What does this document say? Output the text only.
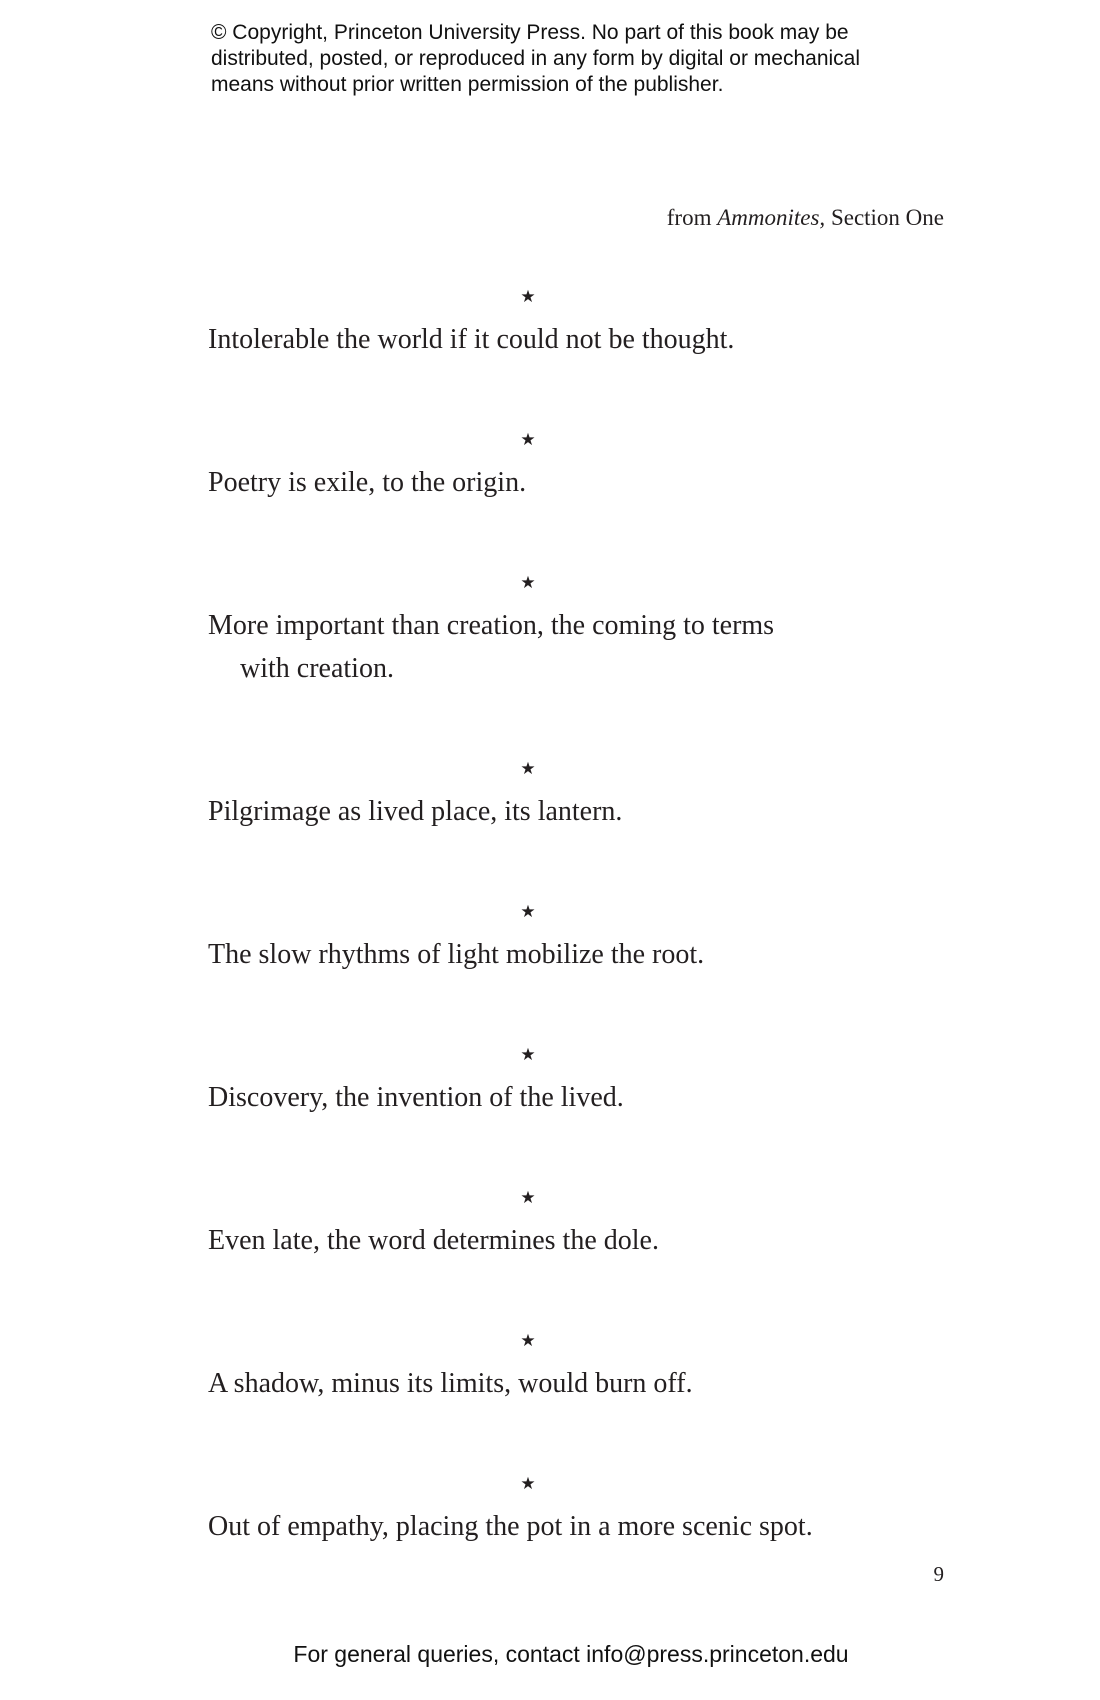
© Copyright, Princeton University Press. No part of this book may be
distributed, posted, or reproduced in any form by digital or mechanical
means without prior written permission of the publisher.
from Ammonites, Section One
★
Intolerable the world if it could not be thought.
★
Poetry is exile, to the origin.
★
More important than creation, the coming to terms
with creation.
★
Pilgrimage as lived place, its lantern.
★
The slow rhythms of light mobilize the root.
★
Discovery, the invention of the lived.
★
Even late, the word determines the dole.
★
A shadow, minus its limits, would burn off.
★
Out of empathy, placing the pot in a more scenic spot.
9
For general queries, contact info@press.princeton.edu
